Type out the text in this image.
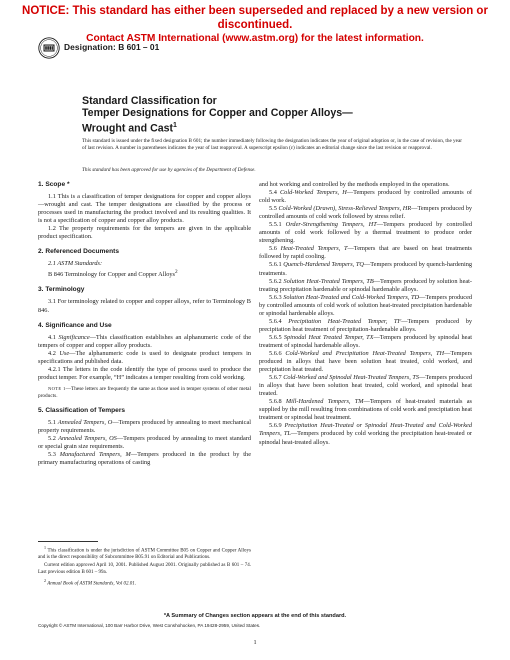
NOTICE: This standard has either been superseded and replaced by a new version or discontinued.
Contact ASTM International (www.astm.org) for the latest information.
Designation: B 601 – 01
Standard Classification for
Temper Designations for Copper and Copper Alloys—
Wrought and Cast$^1$
This standard is issued under the fixed designation B 601; the number immediately following the designation indicates the year of original adoption or, in the case of revision, the year of last revision. A number in parentheses indicates the year of last reapproval. A superscript epsilon (ε) indicates an editorial change since the last revision or reapproval.
This standard has been approved for use by agencies of the Department of Defense.
1. Scope *

1.1 This is a classification of temper designations for copper and copper alloys—wrought and cast. The temper designations are classified by the process or processes used in manufacturing the product involved and its resulting qualities. It is not a specification of copper and copper alloy products.

1.2 The property requirements for the tempers are given in the applicable product specification.

2. Referenced Documents

2.1 ASTM Standards:

B 846 Terminology for Copper and Copper Alloys$^2$

3. Terminology

3.1 For terminology related to copper and copper alloys, refer to Terminology B 846.

4. Significance and Use

4.1 Significance—This classification establishes an alphanumeric code of the tempers of copper and copper alloy products.

4.2 Use—The alphanumeric code is used to designate product tempers in specifications and published data.

4.2.1 The letters in the code identify the type of process used to produce the product temper. For example, “H” indicates a temper resulting from cold working.

NOTE 1—These letters are frequently the same as those used in temper systems of other metal products.
5. Classification of Tempers

5.1 Annealed Tempers, O—Tempers produced by annealing to meet mechanical property requirements.

5.2 Annealed Tempers, OS—Tempers produced by annealing to meet standard or special grain size requirements.

5.3 Manufactured Tempers, M—Tempers produced in the product by the primary manufacturing operations of casting

and hot working and controlled by the methods employed in the operations.

5.4 Cold-Worked Tempers, H—Tempers produced by controlled amounts of cold work.

5.5 Cold-Worked (Drawn), Stress-Relieved Tempers, HR—Tempers produced by controlled amounts of cold work followed by stress relief.

5.5.1 Order-Strengthening Tempers, HT—Tempers produced by controlled amounts of cold work followed by a thermal treatment to produce order strengthening.

5.6 Heat-Treated Tempers, T—Tempers that are based on heat treatments followed by rapid cooling.

5.6.1 Quench-Hardened Tempers, TQ—Tempers produced by quench-hardening treatments.

5.6.2 Solution Heat-Treated Tempers, TB—Tempers produced by solution heat-treating precipitation hardenable or spinodal hardenable alloys.

5.6.3 Solution Heat-Treated and Cold-Worked Tempers, TD—Tempers produced by controlled amounts of cold work of solution heat-treated precipitation hardenable or spinodal hardenable alloys.

5.6.4 Precipitation Heat-Treated Temper, TF—Tempers produced by precipitation heat treatment of precipitation-hardenable alloys.

5.6.5 Spinodal Heat Treated Temper, TX—Tempers produced by spinodal heat treatment of spinodal hardenable alloys.

5.6.6 Cold-Worked and Precipitation Heat-Treated Tempers, TH—Tempers produced in alloys that have been solution heat treated, cold worked, and precipitation heat treated.

5.6.7 Cold-Worked and Spinodal Heat-Treated Tempers, TS—Tempers produced in alloys that have been solution heat treated, cold worked, and spinodal heat treated.

5.6.8 Mill-Hardened Tempers, TM—Tempers of heat-treated materials as supplied by the mill resulting from combinations of cold work and precipitation heat treatment or spinodal heat treatment.

5.6.9 Precipitation Heat-Treated or Spinodal Heat-Treated and Cold-Worked Tempers, TL—Tempers produced by cold working the precipitation heat-treated or spinodal heat-treated alloys.

$^1$ This classification is under the jurisdiction of ASTM Committee B05 on Copper and Copper Alloys and is the direct responsibility of Subcommittee B05.91 on Editorial and Publications.

Current edition approved April 10, 2001. Published August 2001. Originally published as B 601 – 74. Last previous edition B 601 – 99a.

$^2$ Annual Book of ASTM Standards, Vol 02.01.

*A Summary of Changes section appears at the end of this standard.
Copyright © ASTM International, 100 Barr Harbor Drive, West Conshohocken, PA 19428-2959, United States.
1
